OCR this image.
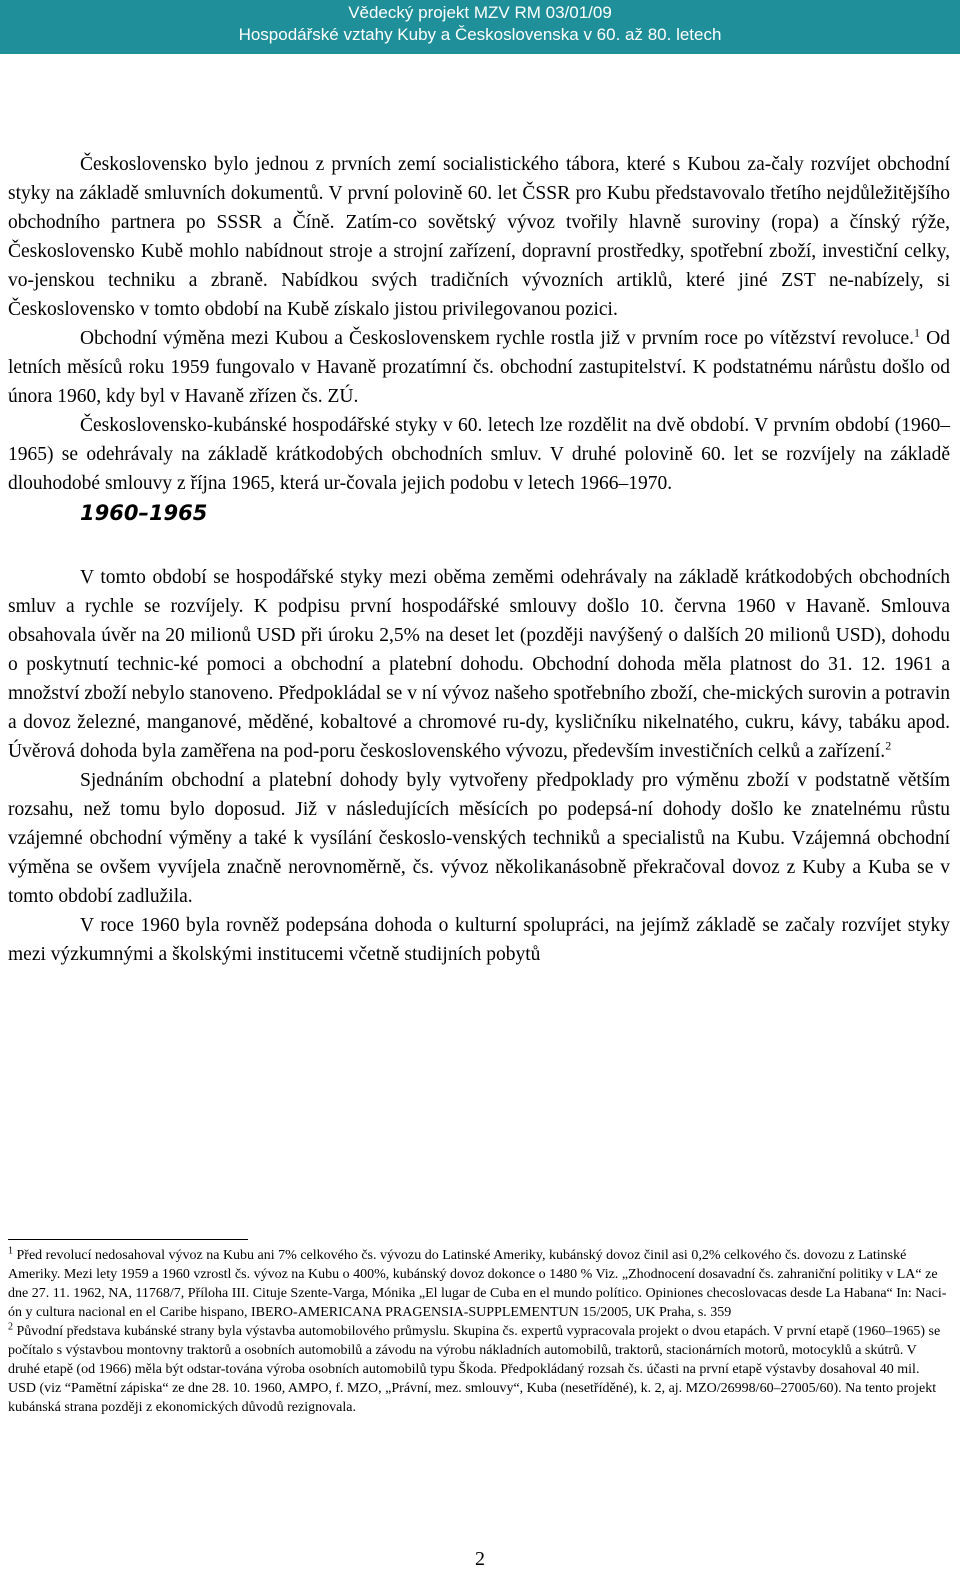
Vědecký projekt MZV RM 03/01/09
Hospodářské vztahy Kuby a Československa v 60. až 80. letech

Československo bylo jednou z prvních zemí socialistického tábora, které s Kubou za-čaly rozvíjet obchodní styky na základě smluvních dokumentů. V první polovině 60. let ČSSR pro Kubu představovalo třetího nejdůležitějšího obchodního partnera po SSSR a Číně. Zatím-co sovětský vývoz tvořily hlavně suroviny (ropa) a čínský rýže, Československo Kubě mohlo nabídnout stroje a strojní zařízení, dopravní prostředky, spotřební zboží, investiční celky, vo-jenskou techniku a zbraně. Nabídkou svých tradičních vývozních artiklů, které jiné ZST ne-nabízely, si Československo v tomto období na Kubě získalo jistou privilegovanou pozici.

Obchodní výměna mezi Kubou a Československem rychle rostla již v prvním roce po vítězství revoluce.$^1$ Od letních měsíců roku 1959 fungovalo v Havaně prozatímní čs. obchodní zastupitelství. K podstatnému nárůstu došlo od února 1960, kdy byl v Havaně zřízen čs. ZÚ.

Československo-kubánské hospodářské styky v 60. letech lze rozdělit na dvě období. V prvním období (1960–1965) se odehrávaly na základě krátkodobých obchodních smluv. V druhé polovině 60. let se rozvíjely na základě dlouhodobé smlouvy z října 1965, která ur-čovala jejich podobu v letech 1966–1970.

1960–1965

V tomto období se hospodářské styky mezi oběma zeměmi odehrávaly na základě krátkodobých obchodních smluv a rychle se rozvíjely. K podpisu první hospodářské smlouvy došlo 10. června 1960 v Havaně. Smlouva obsahovala úvěr na 20 milionů USD při úroku 2,5% na deset let (později navýšený o dalších 20 milionů USD), dohodu o poskytnutí technic-ké pomoci a obchodní a platební dohodu. Obchodní dohoda měla platnost do 31. 12. 1961 a množství zboží nebylo stanoveno. Předpokládal se v ní vývoz našeho spotřebního zboží, che-mických surovin a potravin a dovoz železné, manganové, měděné, kobaltové a chromové ru-dy, kysličníku nikelnatého, cukru, kávy, tabáku apod. Úvěrová dohoda byla zaměřena na pod-poru československého vývozu, především investičních celků a zařízení.$^2$

Sjednáním obchodní a platební dohody byly vytvořeny předpoklady pro výměnu zboží v podstatně větším rozsahu, než tomu bylo doposud. Již v následujících měsících po podepsá-ní dohody došlo ke znatelnému růstu vzájemné obchodní výměny a také k vysílání českoslo-venských techniků a specialistů na Kubu. Vzájemná obchodní výměna se ovšem vyvíjela značně nerovnoměrně, čs. vývoz několikanásobně překračoval dovoz z Kuby a Kuba se v tomto období zadlužila.

V roce 1960 byla rovněž podepsána dohoda o kulturní spolupráci, na jejímž základě se začaly rozvíjet styky mezi výzkumnými a školskými institucemi včetně studijních pobytů

$^1$ Před revolucí nedosahoval vývoz na Kubu ani 7% celkového čs. vývozu do Latinské Ameriky, kubánský dovoz činil asi 0,2% celkového čs. dovozu z Latinské Ameriky. Mezi lety 1959 a 1960 vzrostl čs. vývoz na Kubu o 400%, kubánský dovoz dokonce o 1480 % Viz. „Zhodnocení dosavadní čs. zahraniční politiky v LA“ ze dne 27. 11. 1962, NA, 11768/7, Příloha III. Cituje Szente-Varga, Mónika „El lugar de Cuba en el mundo político. Opiniones checoslovacas desde La Habana“ In: Naci-ón y cultura nacional en el Caribe hispano, IBERO-AMERICANA PRAGENSIA-SUPPLEMENTUN 15/2005, UK Praha, s. 359

$^2$ Původní představa kubánské strany byla výstavba automobilového průmyslu. Skupina čs. expertů vypracovala projekt o dvou etapách. V první etapě (1960–1965) se počítalo s výstavbou montovny traktorů a osobních automobilů a závodu na výrobu nákladních automobilů, traktorů, stacionárních motorů, motocyklů a skútrů. V druhé etapě (od 1966) měla být odstar-tována výroba osobních automobilů typu Škoda. Předpokládaný rozsah čs. účasti na první etapě výstavby dosahoval 40 mil. USD (viz “Pamětní zápiska“ ze dne 28. 10. 1960, AMPO, f. MZO, „Právní, mez. smlouvy“, Kuba (nesetříděné), k. 2, aj. MZO/26998/60–27005/60). Na tento projekt kubánská strana později z ekonomických důvodů rezignovala.

2
